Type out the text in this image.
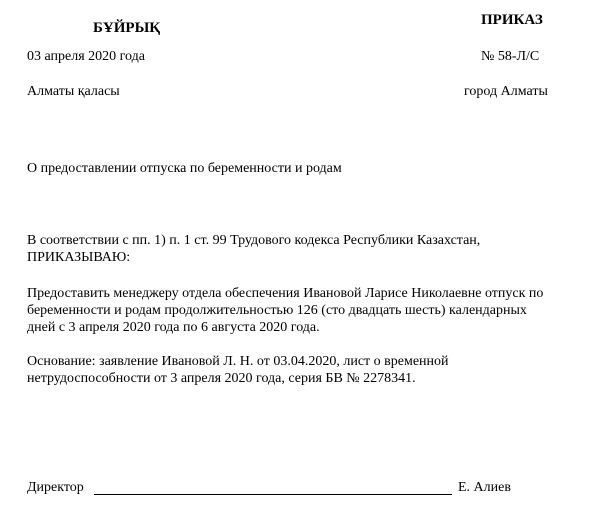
БҰЙРЫҚ	ПРИКАЗ
03 апреля 2020 года	№ 58-Л/С
Алматы қаласы	город Алматы
О предоставлении отпуска по беременности и родам
В соответствии с пп. 1) п. 1 ст. 99 Трудового кодекса Республики Казахстан,
ПРИКАЗЫВАЮ:
Предоставить менеджеру отдела обеспечения Ивановой Ларисе Николаевне отпуск по
беременности и родам продолжительностью 126 (сто двадцать шесть) календарных
дней с 3 апреля 2020 года по 6 августа 2020 года.
Основание: заявление Ивановой Л. Н. от 03.04.2020, лист о временной
нетрудоспособности от 3 апреля 2020 года, серия БВ № 2278341.
Директор	Е. Алиев
